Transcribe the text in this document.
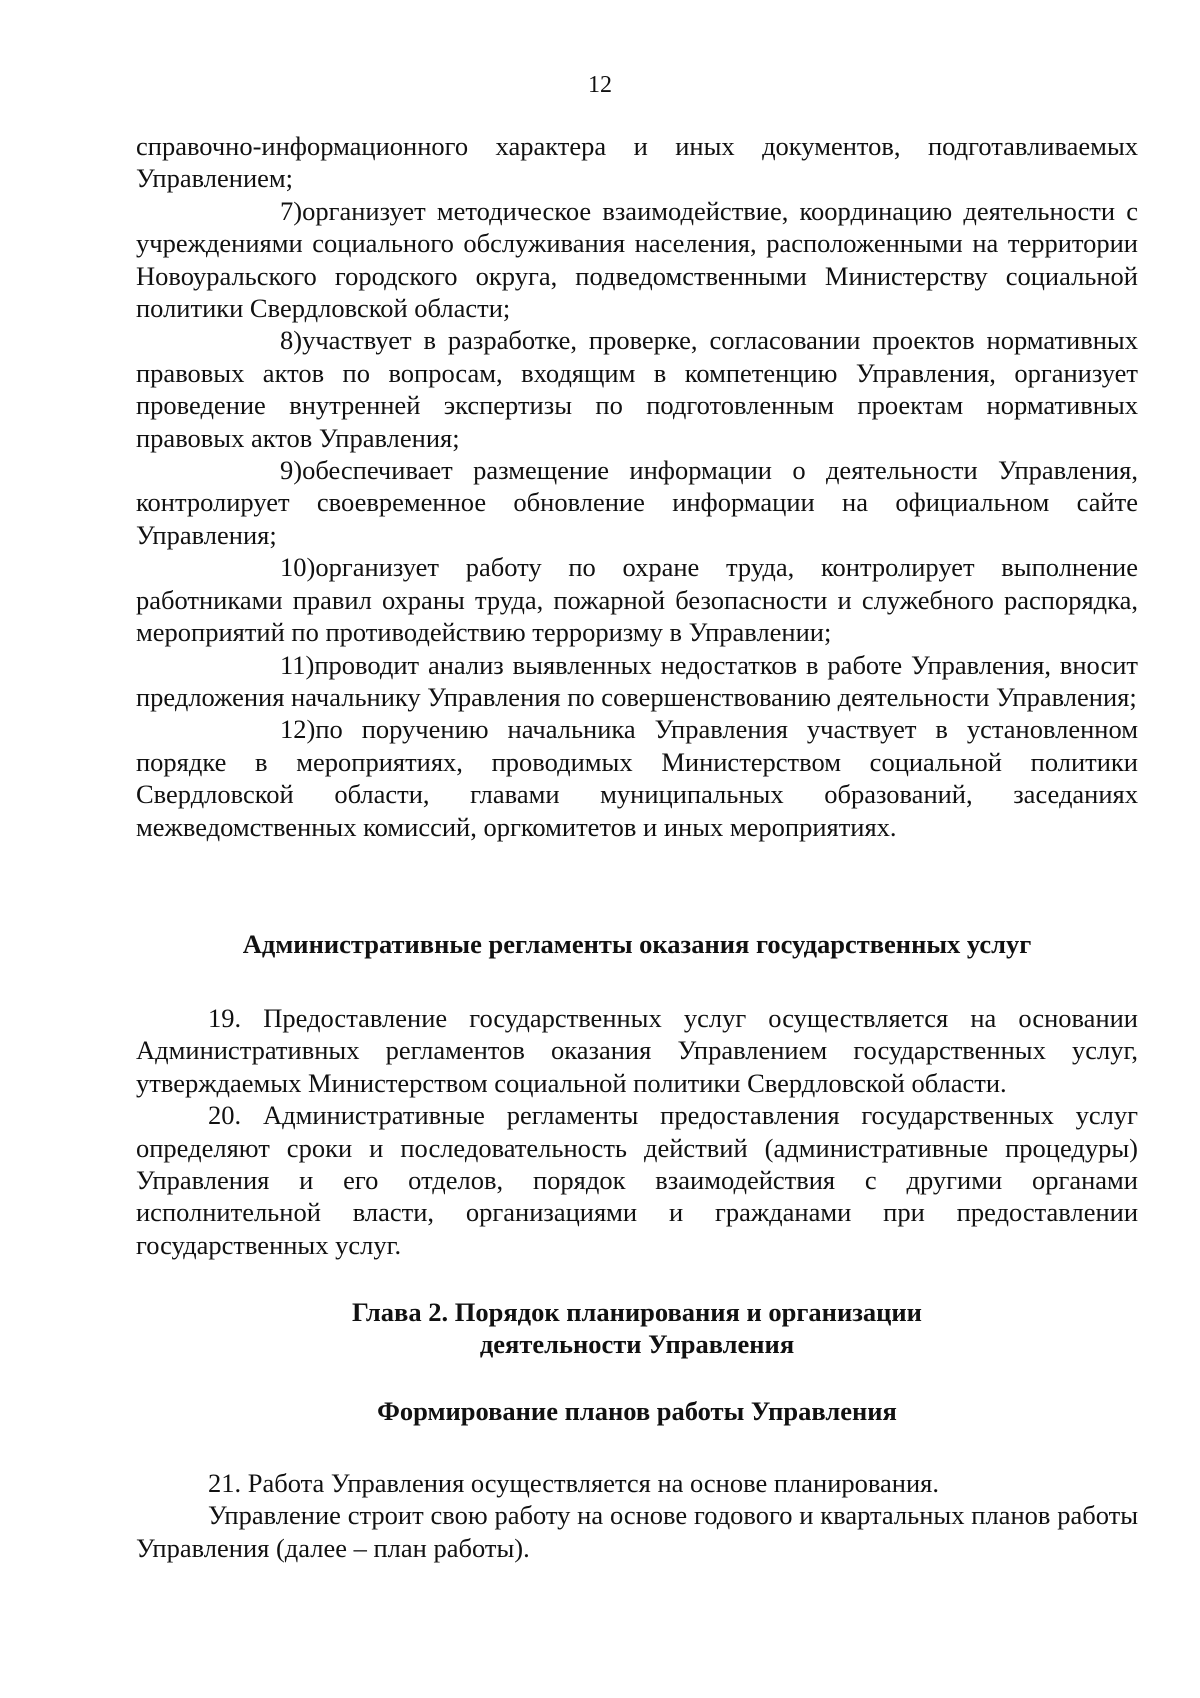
12

справочно-информационного характера и иных документов, подготавливаемых Управлением;

7)организует методическое взаимодействие, координацию деятельности с учреждениями социального обслуживания населения, расположенными на территории Новоуральского городского округа, подведомственными Министерству социальной политики Свердловской области;

8)участвует в разработке, проверке, согласовании проектов нормативных правовых актов по вопросам, входящим в компетенцию Управления, организует проведение внутренней экспертизы по подготовленным проектам нормативных правовых актов Управления;

9)обеспечивает размещение информации о деятельности Управления, контролирует своевременное обновление информации на официальном сайте Управления;

10)организует работу по охране труда, контролирует выполнение работниками правил охраны труда, пожарной безопасности и служебного распорядка, мероприятий по противодействию терроризму в Управлении;

11)проводит анализ выявленных недостатков в работе Управления, вносит предложения начальнику Управления по совершенствованию деятельности Управления;

12)по поручению начальника Управления участвует в установленном порядке в мероприятиях, проводимых Министерством социальной политики Свердловской области, главами муниципальных образований, заседаниях межведомственных комиссий, оргкомитетов и иных мероприятиях.

Административные регламенты оказания государственных услуг

19. Предоставление государственных услуг осуществляется на основании Административных регламентов оказания Управлением государственных услуг, утверждаемых Министерством социальной политики Свердловской области.

20. Административные регламенты предоставления государственных услуг определяют сроки и последовательность действий (административные процедуры) Управления и его отделов, порядок взаимодействия с другими органами исполнительной власти, организациями и гражданами при предоставлении государственных услуг.

Глава 2. Порядок планирования и организации
деятельности Управления
Формирование планов работы Управления

21. Работа Управления осуществляется на основе планирования.

Управление строит свою работу на основе годового и квартальных планов работы Управления (далее – план работы).
